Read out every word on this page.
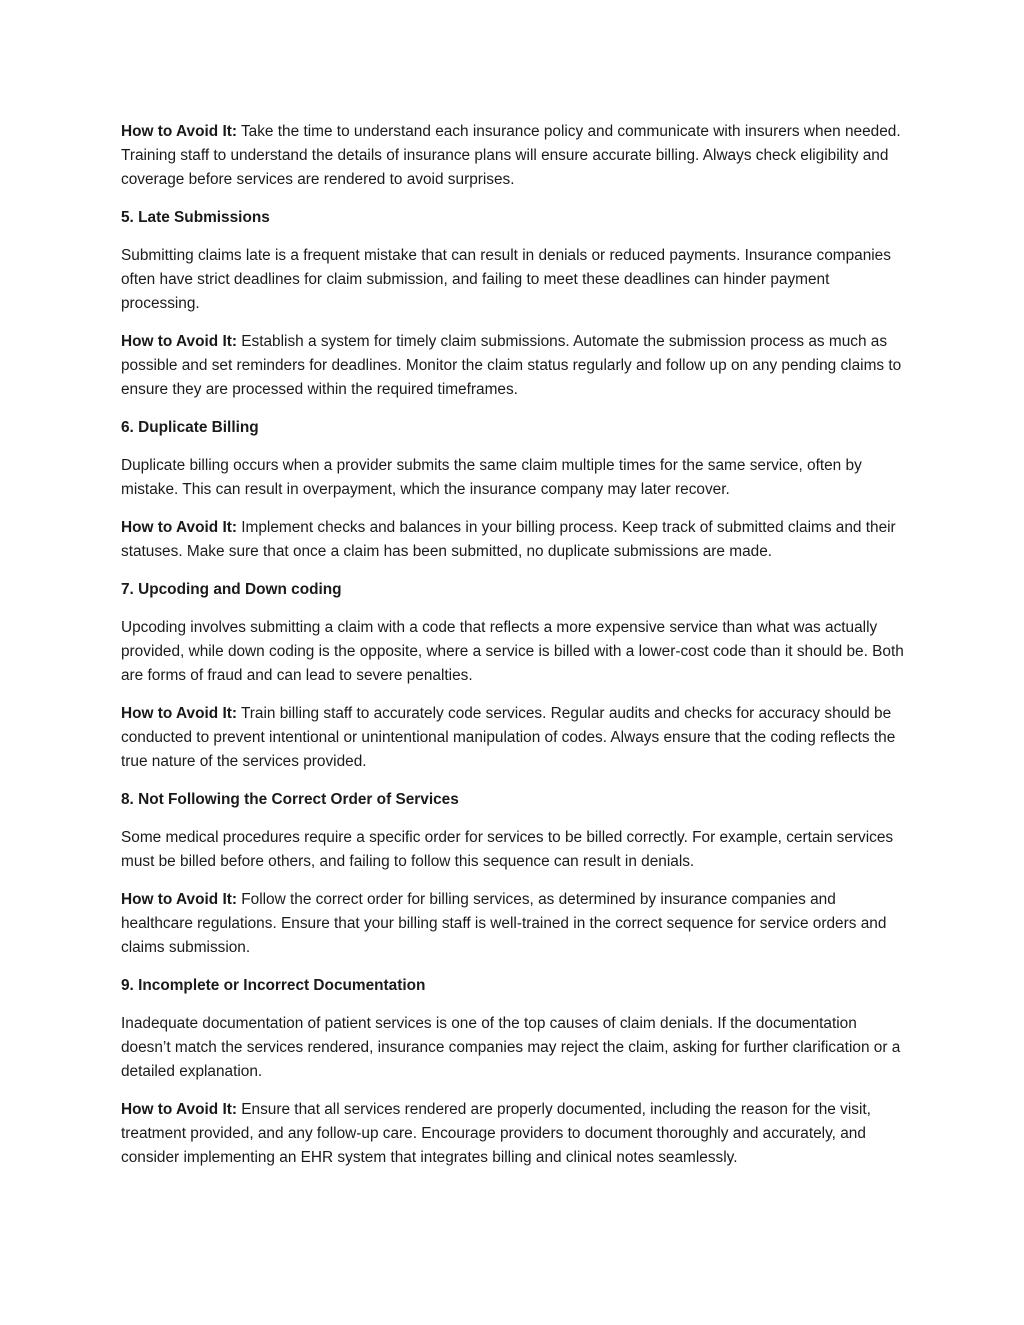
How to Avoid It: Take the time to understand each insurance policy and communicate with insurers when needed. Training staff to understand the details of insurance plans will ensure accurate billing. Always check eligibility and coverage before services are rendered to avoid surprises.

5. Late Submissions

Submitting claims late is a frequent mistake that can result in denials or reduced payments. Insurance companies often have strict deadlines for claim submission, and failing to meet these deadlines can hinder payment processing.

How to Avoid It: Establish a system for timely claim submissions. Automate the submission process as much as possible and set reminders for deadlines. Monitor the claim status regularly and follow up on any pending claims to ensure they are processed within the required timeframes.

6. Duplicate Billing

Duplicate billing occurs when a provider submits the same claim multiple times for the same service, often by mistake. This can result in overpayment, which the insurance company may later recover.

How to Avoid It: Implement checks and balances in your billing process. Keep track of submitted claims and their statuses. Make sure that once a claim has been submitted, no duplicate submissions are made.

7. Upcoding and Down coding

Upcoding involves submitting a claim with a code that reflects a more expensive service than what was actually provided, while down coding is the opposite, where a service is billed with a lower-cost code than it should be. Both are forms of fraud and can lead to severe penalties.

How to Avoid It: Train billing staff to accurately code services. Regular audits and checks for accuracy should be conducted to prevent intentional or unintentional manipulation of codes. Always ensure that the coding reflects the true nature of the services provided.

8. Not Following the Correct Order of Services

Some medical procedures require a specific order for services to be billed correctly. For example, certain services must be billed before others, and failing to follow this sequence can result in denials.

How to Avoid It: Follow the correct order for billing services, as determined by insurance companies and healthcare regulations. Ensure that your billing staff is well-trained in the correct sequence for service orders and claims submission.

9. Incomplete or Incorrect Documentation

Inadequate documentation of patient services is one of the top causes of claim denials. If the documentation doesn’t match the services rendered, insurance companies may reject the claim, asking for further clarification or a detailed explanation.

How to Avoid It: Ensure that all services rendered are properly documented, including the reason for the visit, treatment provided, and any follow-up care. Encourage providers to document thoroughly and accurately, and consider implementing an EHR system that integrates billing and clinical notes seamlessly.
